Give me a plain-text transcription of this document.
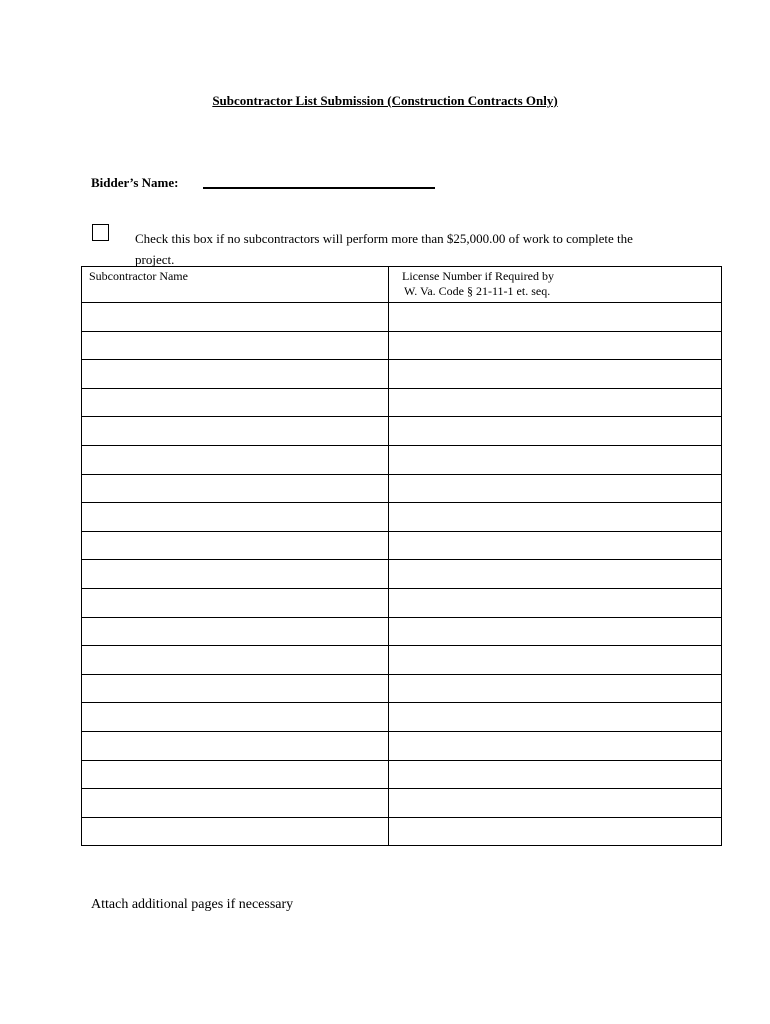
Subcontractor List Submission (Construction Contracts Only)
Bidder’s Name:
Check this box if no subcontractors will perform more than $25,000.00 of work to complete the
project.
Subcontractor Name	License Number if Required by
W. Va. Code § 21-11-1 et. seq.

Attach additional pages if necessary
